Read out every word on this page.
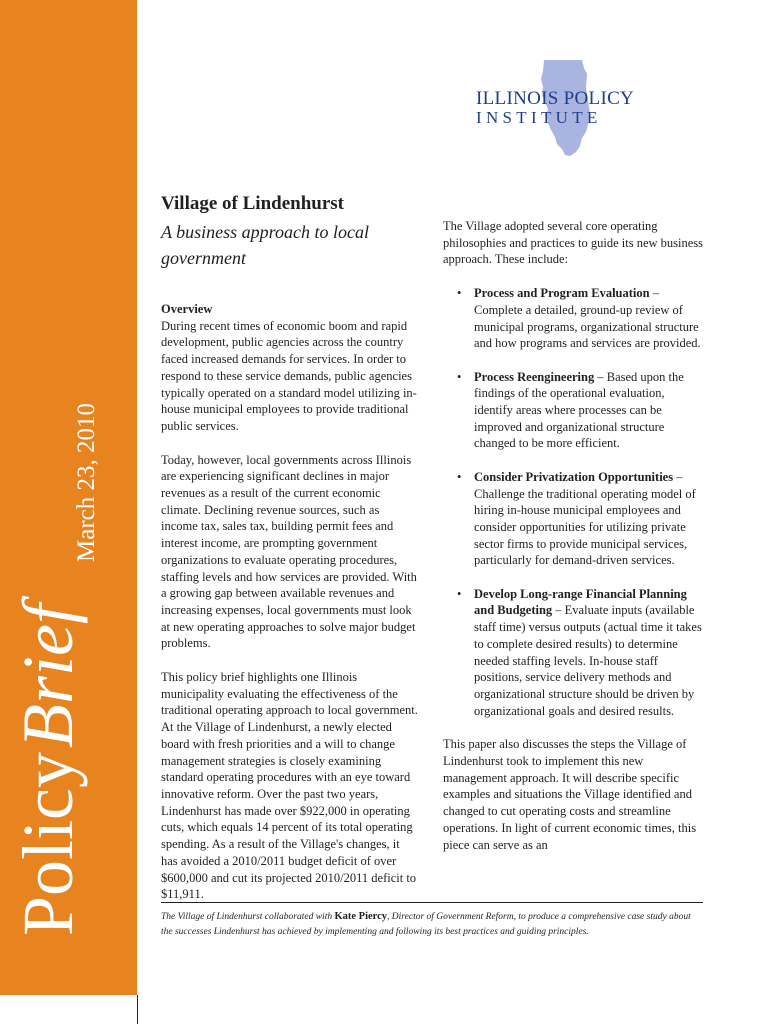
Policy Brief
March 23, 2010
ILLINOIS POLICY
INSTITUTE
Village of Lindenhurst
A business approach to local government
Overview

During recent times of economic boom and rapid development, public agencies across the country faced increased demands for services. In order to respond to these service demands, public agencies typically operated on a standard model utilizing in-house municipal employees to provide traditional public services.

Today, however, local governments across Illinois are experiencing significant declines in major revenues as a result of the current economic climate. Declining revenue sources, such as income tax, sales tax, building permit fees and interest income, are prompting government organizations to evaluate operating procedures, staffing levels and how services are provided. With a growing gap between available revenues and increasing expenses, local governments must look at new operating approaches to solve major budget problems.

This policy brief highlights one Illinois municipality evaluating the effectiveness of the traditional operating approach to local government. At the Village of Lindenhurst, a newly elected board with fresh priorities and a will to change management strategies is closely examining standard operating procedures with an eye toward innovative reform. Over the past two years, Lindenhurst has made over $922,000 in operating cuts, which equals 14 percent of its total operating spending. As a result of the Village's changes, it has avoided a 2010/2011 budget deficit of over $600,000 and cut its projected 2010/2011 deficit to $11,911.

The Village adopted several core operating philosophies and practices to guide its new business approach. These include:

• Process and Program Evaluation – Complete a detailed, ground-up review of municipal programs, organizational structure and how programs and services are provided.
• Process Reengineering – Based upon the findings of the operational evaluation, identify areas where processes can be improved and organizational structure changed to be more efficient.
• Consider Privatization Opportunities – Challenge the traditional operating model of hiring in-house municipal employees and consider opportunities for utilizing private sector firms to provide municipal services, particularly for demand-driven services.
• Develop Long-range Financial Planning and Budgeting – Evaluate inputs (available staff time) versus outputs (actual time it takes to complete desired results) to determine needed staffing levels. In-house staff positions, service delivery methods and organizational structure should be driven by organizational goals and desired results.

This paper also discusses the steps the Village of Lindenhurst took to implement this new management approach. It will describe specific examples and situations the Village identified and changed to cut operating costs and streamline operations. In light of current economic times, this piece can serve as an

The Village of Lindenhurst collaborated with Kate Piercy, Director of Government Reform, to produce a comprehensive case study about the successes Lindenhurst has achieved by implementing and following its best practices and guiding principles.
